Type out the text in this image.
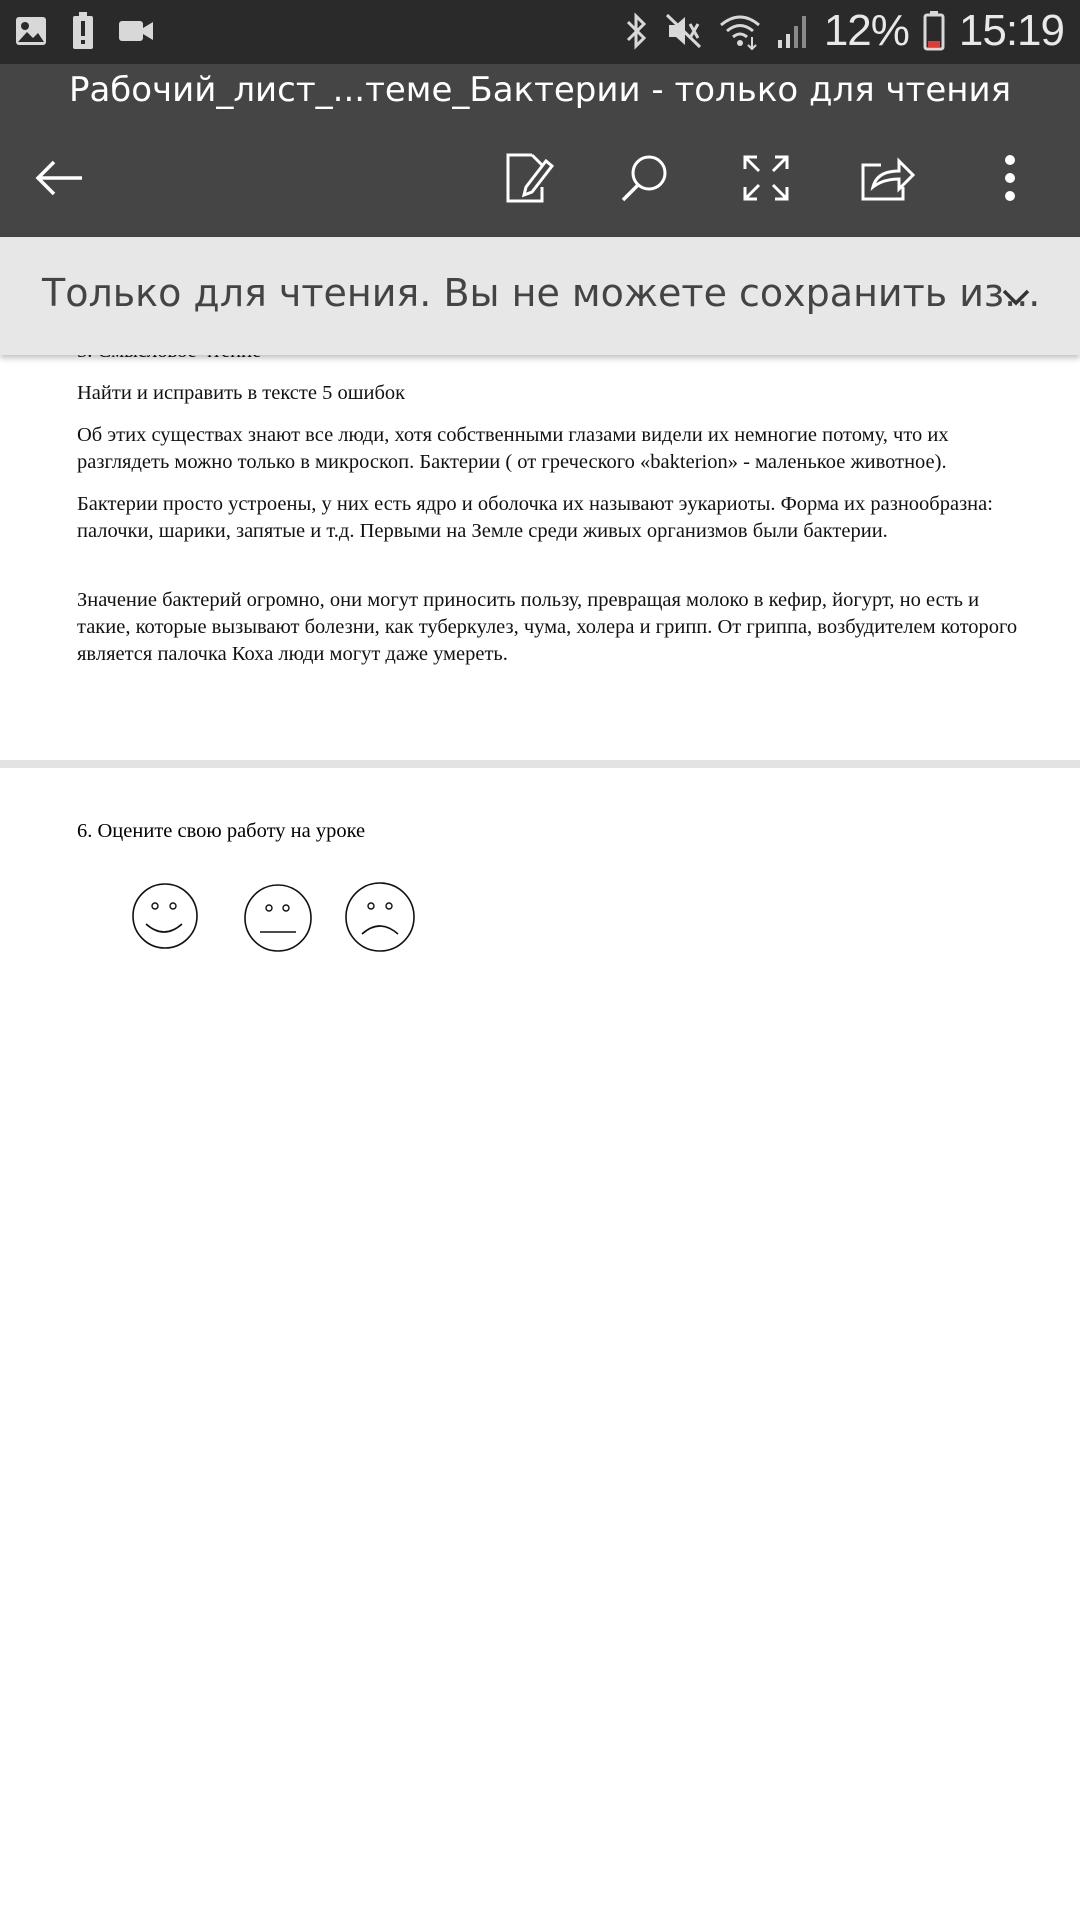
12% 15:19
Рабочий_лист_...теме_Бактерии - только для чтения
Только для чтения. Вы не можете сохранить из...
Найти и исправить в тексте 5 ошибок
Об этих существах знают все люди, хотя собственными глазами видели их немногие потому, что их разглядеть можно только в микроскоп. Бактерии ( от греческого «bakterion» - маленькое животное).
Бактерии просто устроены, у них есть ядро и оболочка их называют эукариоты. Форма их разнообразна: палочки, шарики, запятые и т.д. Первыми на Земле среди живых организмов были бактерии.
Значение бактерий огромно, они могут приносить пользу, превращая молоко в кефир, йогурт, но есть и такие, которые вызывают болезни, как туберкулез, чума, холера и грипп. От гриппа, возбудителем которого является палочка Коха люди могут даже умереть.
6. Оцените свою работу на уроке
